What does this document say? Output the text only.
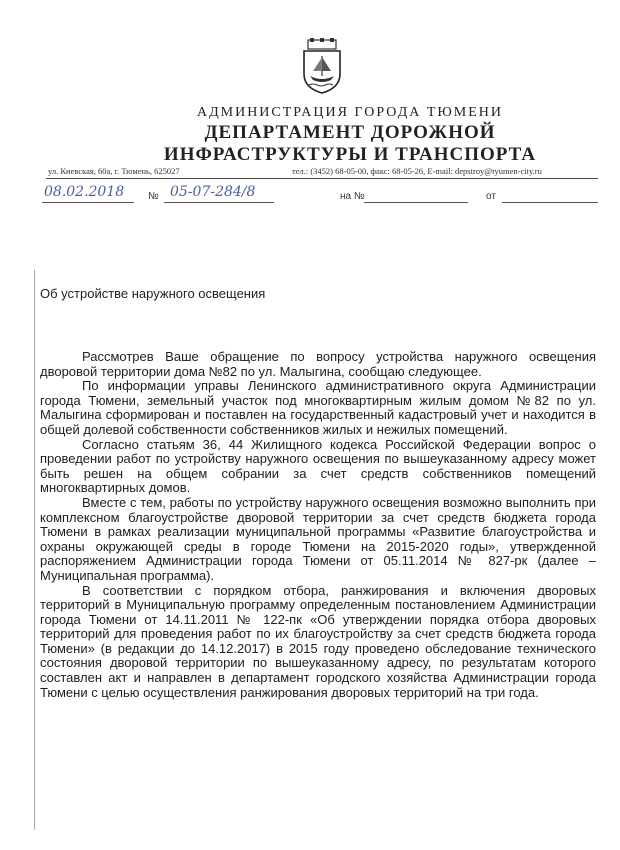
АДМИНИСТРАЦИЯ ГОРОДА ТЮМЕНИ
ДЕПАРТАМЕНТ ДОРОЖНОЙ
ИНФРАСТРУКТУРЫ И ТРАНСПОРТА
ул. Киевская, 60а, г. Тюмень, 625027	тел.: (3452) 68-05-00, факс: 68-05-26, E-mail: depstroy@tyumen-city.ru
08.02.2018 № 05-07-284/8	на №	от
Об устройстве наружного освещения

Рассмотрев Ваше обращение по вопросу устройства наружного освещения дворовой территории дома №82 по ул. Малыгина, сообщаю следующее.

По информации управы Ленинского административного округа Администрации города Тюмени, земельный участок под многоквартирным жилым домом №82 по ул. Малыгина сформирован и поставлен на государственный кадастровый учет и находится в общей долевой собственности собственников жилых и нежилых помещений.

Согласно статьям 36, 44 Жилищного кодекса Российской Федерации вопрос о проведении работ по устройству наружного освещения по вышеуказанному адресу может быть решен на общем собрании за счет средств собственников помещений многоквартирных домов.

Вместе с тем, работы по устройству наружного освещения возможно выполнить при комплексном благоустройстве дворовой территории за счет средств бюджета города Тюмени в рамках реализации муниципальной программы «Развитие благоустройства и охраны окружающей среды в городе Тюмени на 2015-2020 годы», утвержденной распоряжением Администрации города Тюмени от 05.11.2014 № 827-рк (далее – Муниципальная программа).

В соответствии с порядком отбора, ранжирования и включения дворовых территорий в Муниципальную программу определенным постановлением Администрации города Тюмени от 14.11.2011 № 122-пк «Об утверждении порядка отбора дворовых территорий для проведения работ по их благоустройству за счет средств бюджета города Тюмени» (в редакции до 14.12.2017) в 2015 году проведено обследование технического состояния дворовой территории по вышеуказанному адресу, по результатам которого составлен акт и направлен в департамент городского хозяйства Администрации города Тюмени с целью осуществления ранжирования дворовых территорий на три года.
